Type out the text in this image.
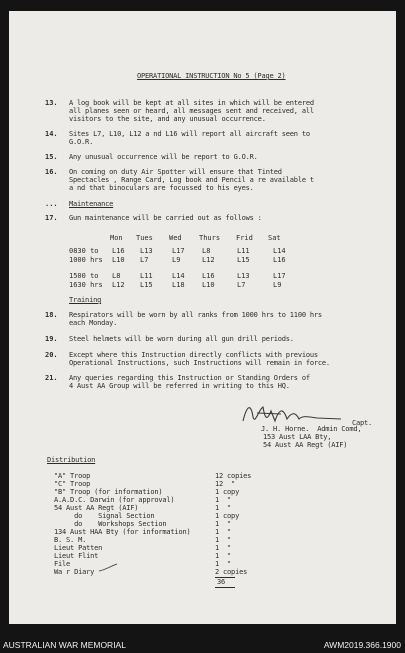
OPERATIONAL INSTRUCTION No 5 (Page 2)
13. A log book will be kept at all sites in which will be entered
all planes seen or heard, all messages sent and received, all
visitors to the site, and any unusual occurrence.
14. Sites L7, L10, L12 a nd L16 will report all aircraft seen to
G.O.R.
15. Any unusual occurrence will be report to G.O.R.
16. On coming on duty Air Spotter will ensure that Tinted
Spectacles , Range Card, Log book and Pencil a re available t
a nd that binoculars are focussed to his eyes.
... Maintenance
17. Gun maintenance will be carried out as follows :
Mon Tues Wed Thurs Frid Sat
0830 to L16 L13	L17 L8	L11	L14
1000 hrs L10 L7	L9	L12	L15	L16
1500 to L8	L11	L14 L16	L13	L17
1630 hrs L12 L15	L18 L10	L7	L9
Training
18. Respirators will be worn by all ranks from 1000 hrs to 1100 hrs
each Monday.
19. Steel helmets will be worn during all gun drill periods.
20. Except where this Instruction directly conflicts with previous
Operational Instructions, such Instructions will remain in force.
21. Any queries regarding this Instruction or Standing Orders of
4 Aust AA Group will be referred in writing to this HQ.
Capt.
J. H. Horne.  Admin Comd,
153 Aust LAA Bty,
54 Aust AA Regt (AIF)
Distribution
"A" Troop	12 copies
"C" Troop	12  "
"B" Troop (for information)	1 copy
A.A.D.C. Darwin (for approval)	1  "
54 Aust AA Regt (AIF)	1  "
do    Signal Section	1 copy
do    Workshops Section	1  "
134 Aust HAA Bty (for information)	1  "
B. S. M.	1  "
Lieut Patten	1  "
Lieut Flint	1  "
File	1  "
Wa r Diary	2 copies
36
AUSTRALIAN WAR MEMORIAL	AWM2019.366.1900
